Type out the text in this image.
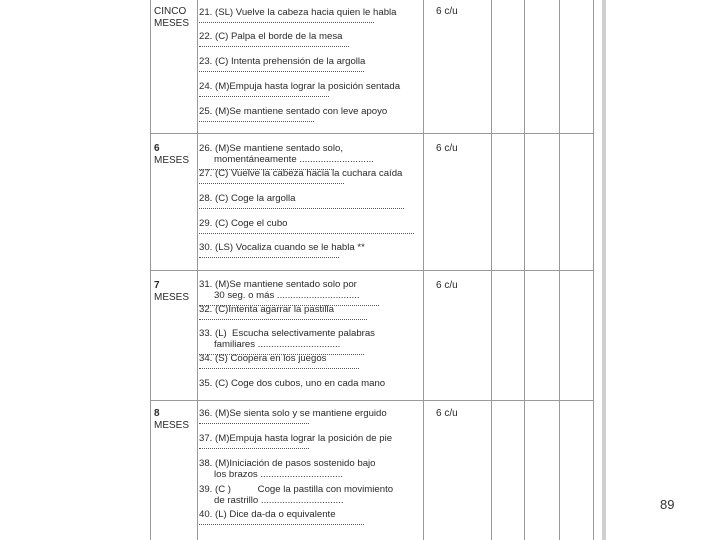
CINCO
MESES
6 c/u
21. (SL) Vuelve la cabeza hacia quien le habla
22. (C) Palpa el borde de la mesa
23. (C) Intenta prehensión de la argolla
24. (M)Empuja hasta lograr la posición sentada
25. (M)Se mantiene sentado con leve apoyo
6
MESES
6 c/u
26. (M)Se mantiene sentado solo,
momentáneamente ............................
27. (C) Vuelve la cabeza hacia la cuchara caída
28. (C) Coge la argolla
29. (C) Coge el cubo
30. (LS) Vocaliza cuando se le habla **
7
MESES
6 c/u
31. (M)Se mantiene sentado solo por
30 seg. o más ...............................
32. (C)Intenta agarrar la pastilla
33. (L)  Escucha selectivamente palabras
familiares ...............................
34. (S) Coopera en los juegos
35. (C) Coge dos cubos, uno en cada mano
8
MESES
6 c/u
36. (M)Se sienta solo y se mantiene erguido
37. (M)Empuja hasta lograr la posición de pie
38. (M)Iniciación de pasos sostenido bajo
los brazos ...............................
39. (C )          Coge la pastilla con movimiento
de rastrillo ...............................
40. (L) Dice da-da o equivalente
89
